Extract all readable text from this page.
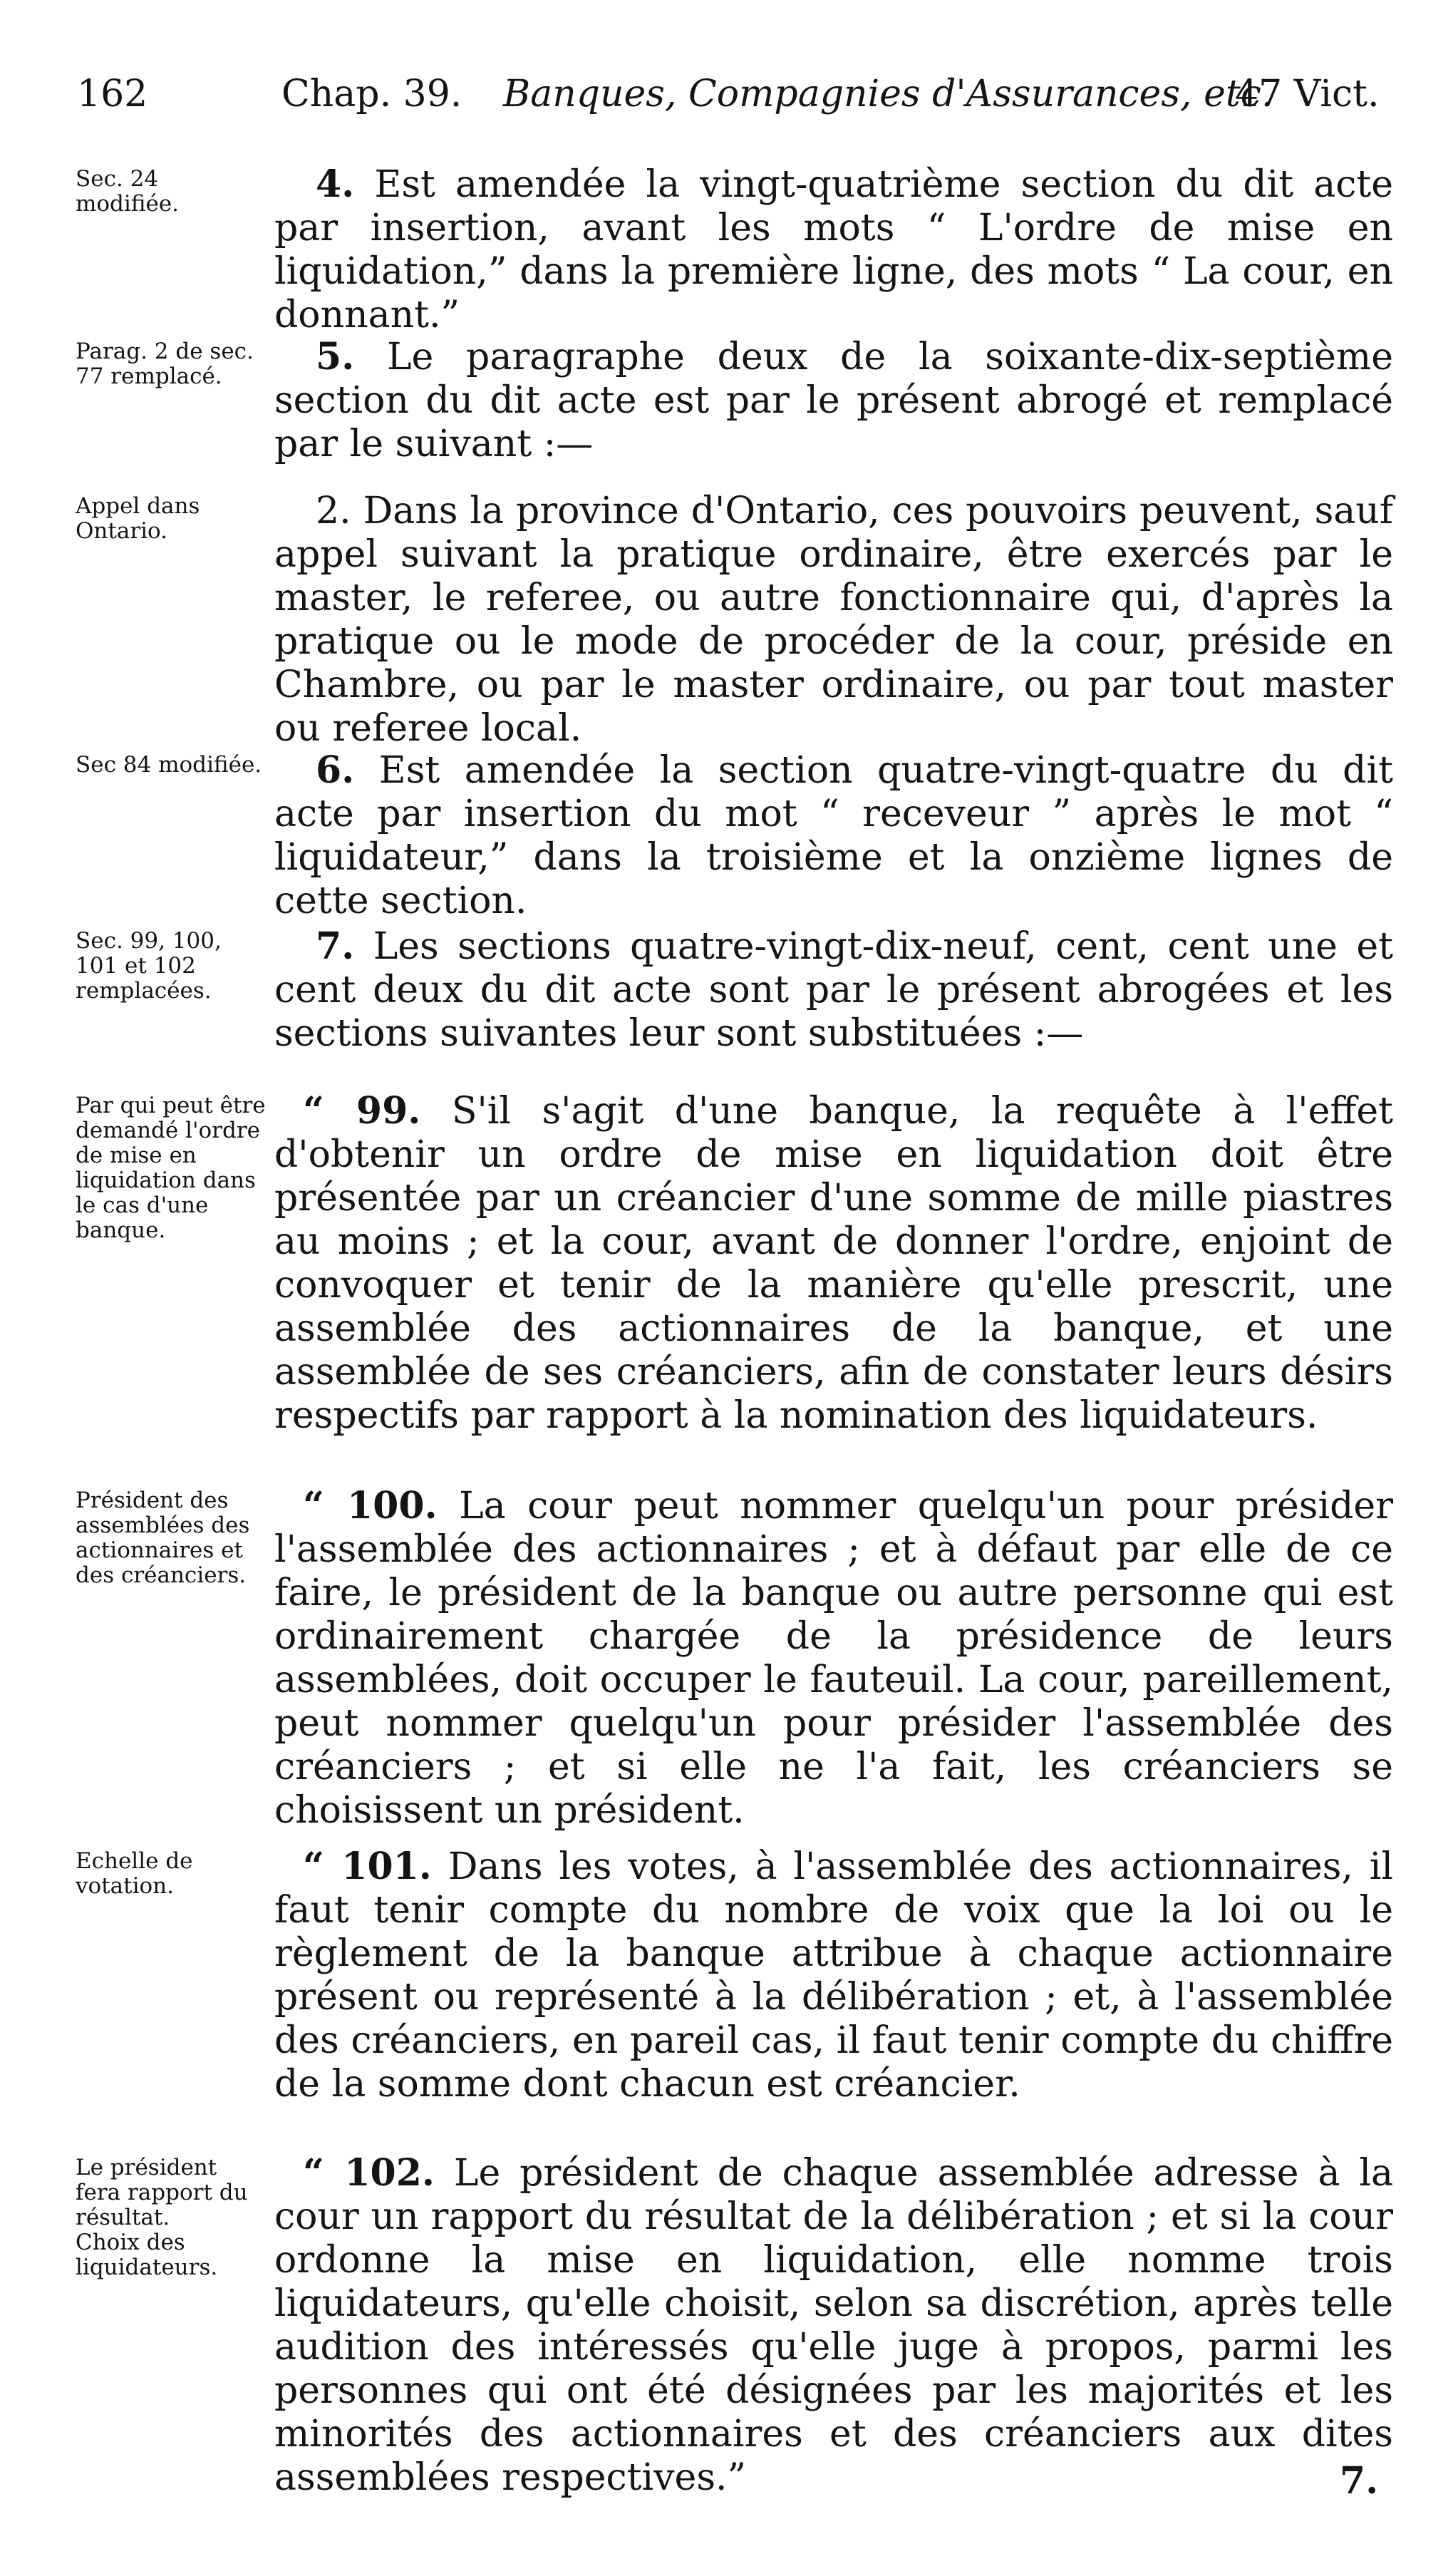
162	Chap. 39. Banques, Compagnies d'Assurances, etc.
47 Vict.
Sec. 24 modifiée.	4. Est amendée la vingt-quatrième section du dit acte par insertion, avant les mots “ L'ordre de mise en liquidation,” dans la première ligne, des mots “ La cour, en donnant.”

Parag. 2 de sec. 77 remplacé.	5. Le paragraphe deux de la soixante-dix-septième section du dit acte est par le présent abrogé et remplacé par le suivant :—

Appel dans Ontario.	2. Dans la province d'Ontario, ces pouvoirs peuvent, sauf appel suivant la pratique ordinaire, être exercés par le master, le referee, ou autre fonctionnaire qui, d'après la pratique ou le mode de procéder de la cour, préside en Chambre, ou par le master ordinaire, ou par tout master ou referee local.

Sec 84 modifiée.	6. Est amendée la section quatre-vingt-quatre du dit acte par insertion du mot “ receveur ” après le mot “ liquidateur,” dans la troisième et la onzième lignes de cette section.

Sec. 99, 100, 101 et 102 remplacées.

7. Les sections quatre-vingt-dix-neuf, cent, cent une et cent deux du dit acte sont par le présent abrogées et les sections suivantes leur sont substituées :—

Par qui peut être demandé l'ordre de mise en liquidation dans le cas d'une banque.

“ 99. S'il s'agit d'une banque, la requête à l'effet d'obtenir un ordre de mise en liquidation doit être présentée par un créancier d'une somme de mille piastres au moins ; et la cour, avant de donner l'ordre, enjoint de convoquer et tenir de la manière qu'elle prescrit, une assemblée des actionnaires de la banque, et une assemblée de ses créanciers, afin de constater leurs désirs respectifs par rapport à la nomination des liquidateurs.

Président des assemblées des actionnaires et des créanciers.

“ 100. La cour peut nommer quelqu'un pour présider l'assemblée des actionnaires ; et à défaut par elle de ce faire, le président de la banque ou autre personne qui est ordinairement chargée de la présidence de leurs assemblées, doit occuper le fauteuil. La cour, pareillement, peut nommer quelqu'un pour présider l'assemblée des créanciers ; et si elle ne l'a fait, les créanciers se choisissent un président.

Echelle de votation.	“ 101. Dans les votes, à l'assemblée des actionnaires, il faut tenir compte du nombre de voix que la loi ou le règlement de la banque attribue à chaque actionnaire présent ou représenté à la délibération ; et, à l'assemblée des créanciers, en pareil cas, il faut tenir compte du chiffre de la somme dont chacun est créancier.

Le président fera rapport du résultat.
Choix des liquidateurs.

“ 102. Le président de chaque assemblée adresse à la cour un rapport du résultat de la délibération ; et si la cour ordonne la mise en liquidation, elle nomme trois liquidateurs, qu'elle choisit, selon sa discrétion, après telle audition des intéressés qu'elle juge à propos, parmi les personnes qui ont été désignées par les majorités et les minorités des actionnaires et des créanciers aux dites assemblées respectives.”	7.
